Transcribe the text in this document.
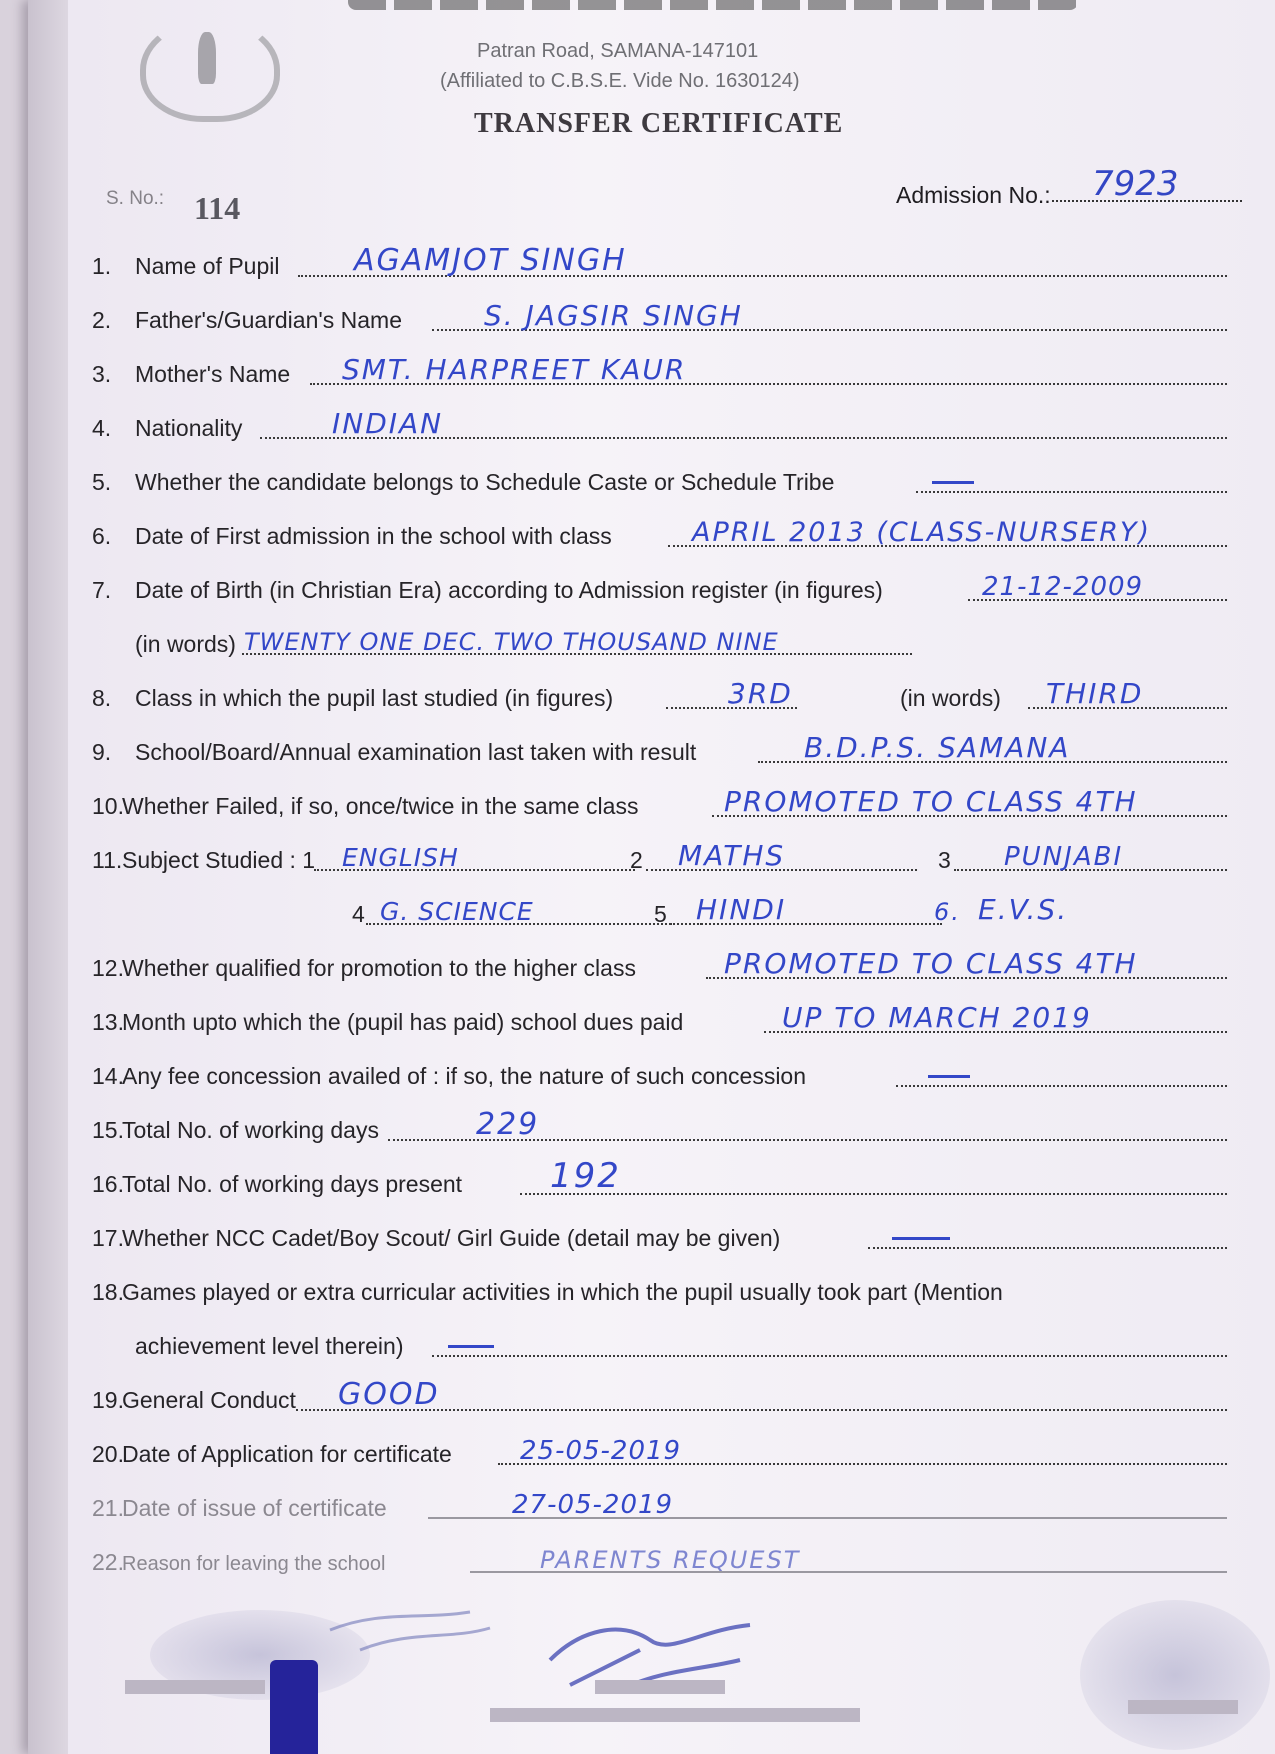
Patran Road, SAMANA-147101
(Affiliated to C.B.S.E. Vide No. 1630124)
TRANSFER CERTIFICATE
S. No.: 114	Admission No.: 7923
1. Name of Pupil AGAMJOT SINGH
2. Father's/Guardian's Name	S. JAGSIR SINGH
3. Mother's Name SMT. HARPREET KAUR
4. Nationality	INDIAN
5. Whether the candidate belongs to Schedule Caste or Schedule Tribe
6. Date of First admission in the school with class	APRIL 2013 (CLASS-NURSERY)
7. Date of Birth (in Christian Era) according to Admission register (in figures)	21-12-2009
(in words) TWENTY ONE DEC. TWO THOUSAND NINE
8. Class in which the pupil last studied (in figures)	3RD	(in words) THIRD
9. School/Board/Annual examination last taken with result	B.D.P.S. SAMANA
10.
Whether Failed, if so, once/twice in the same class	PROMOTED TO CLASS 4TH
11. Subject Studied : 1 ENGLISH	2 MATHS	3 PUNJABI
4 G. SCIENCE	5 HINDI	6. E.V.S.
12.
Whether qualified for promotion to the higher class	PROMOTED TO CLASS 4TH
13.
Month upto which the (pupil has paid) school dues paid	UP TO MARCH 2019
14.
Any fee concession availed of : if so, the nature of such concession
15.
Total No. of working days	229
16.
Total No. of working days present	192
17.
Whether NCC Cadet/Boy Scout/ Girl Guide (detail may be given)
18.
Games played or extra curricular activities in which the pupil usually took part (Mention
achievement level therein)
19.
General Conduct GOOD
20.
Date of Application for certificate	25-05-2019
21.
Date of issue of certificate	27-05-2019
22.
Reason for leaving the school	PARENTS REQUEST
